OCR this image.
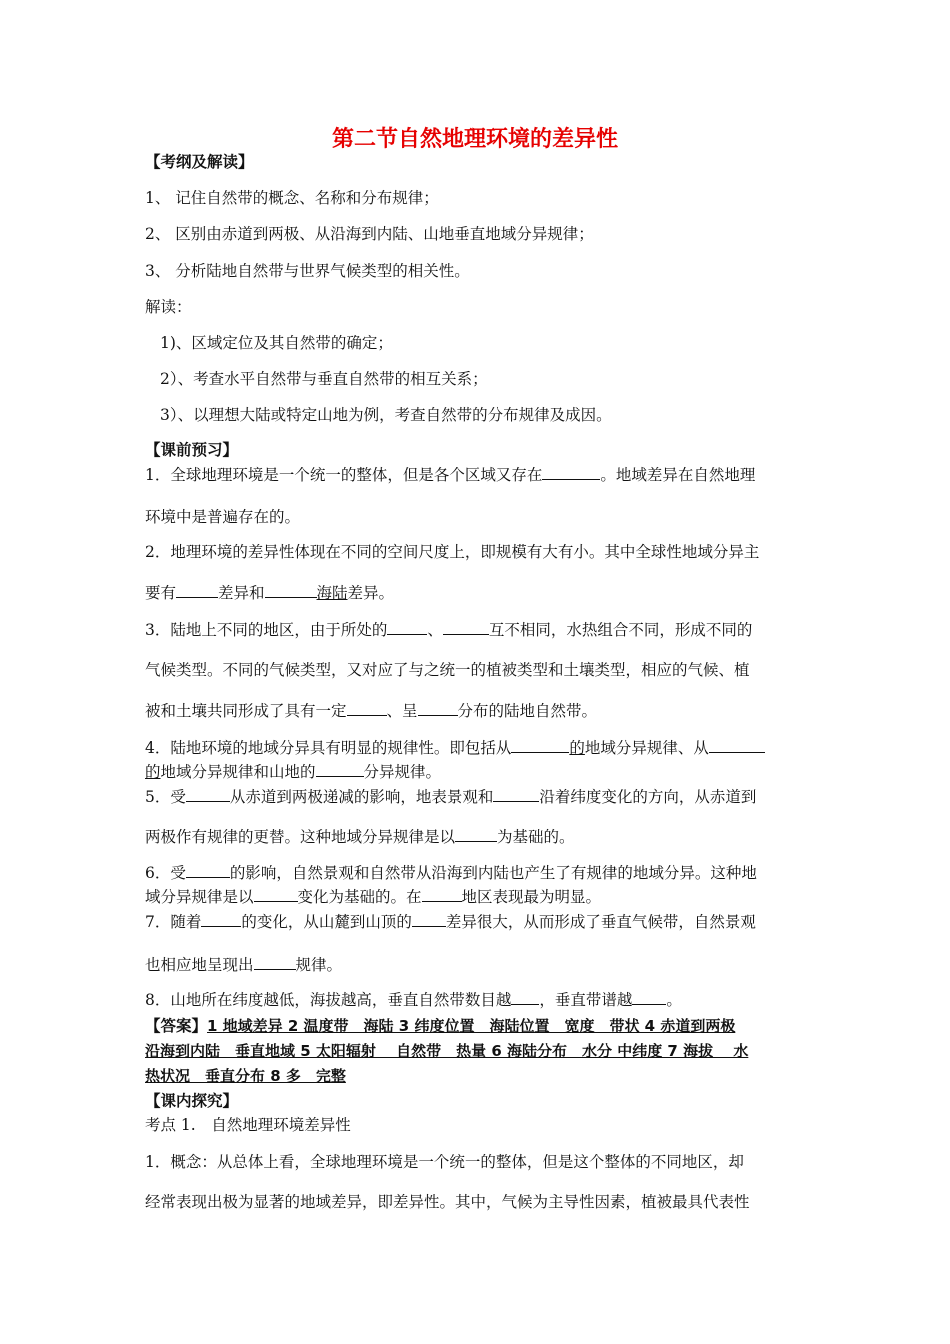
第二节自然地理环境的差异性
【考纲及解读】
1、 记住自然带的概念、名称和分布规律；
2、 区别由赤道到两极、从沿海到内陆、山地垂直地域分异规律；
3、 分析陆地自然带与世界气候类型的相关性。
解读：
1)、区域定位及其自然带的确定；
2）、考查水平自然带与垂直自然带的相互关系；
3）、以理想大陆或特定山地为例，考查自然带的分布规律及成因。
【课前预习】
1．全球地理环境是一个统一的整体，但是各个区域又存在	。地域差异在自然地理
环境中是普遍存在的。
2．地理环境的差异性体现在不同的空间尺度上，即规模有大有小。其中全球性地域分异主
要有	差异和	海陆差异。
3．陆地上不同的地区，由于所处的	、	互不相同，水热组合不同，形成不同的
气候类型。不同的气候类型，又对应了与之统一的植被类型和土壤类型，相应的气候、植
被和土壤共同形成了具有一定	、呈	分布的陆地自然带。
4．陆地环境的地域分异具有明显的规律性。即包括从	的地域分异规律、从
的地域分异规律和山地的	分异规律。
5．受	从赤道到两极递减的影响，地表景观和	沿着纬度变化的方向，从赤道到
两极作有规律的更替。这种地域分异规律是以	为基础的。
6．受	的影响，自然景观和自然带从沿海到内陆也产生了有规律的地域分异。这种地
域分异规律是以	变化为基础的。在	地区表现最为明显。
7．随着	的变化，从山麓到山顶的 差异很大，从而形成了垂直气候带，自然景观
也相应地呈现出	规律。
8．山地所在纬度越低，海拔越高，垂直自然带数目越 ，垂直带谱越 。
【答案】1 地域差异 2 温度带　海陆 3 纬度位置　海陆位置　宽度　带状 4 赤道到两极
沿海到内陆　垂直地域 5 太阳辐射　 自然带　热量 6 海陆分布　水分 中纬度 7 海拔　 水
热状况　垂直分布 8 多　完整
【课内探究】
考点 1.　自然地理环境差异性
1．概念：从总体上看，全球地理环境是一个统一的整体，但是这个整体的不同地区，却
经常表现出极为显著的地域差异，即差异性。其中，气候为主导性因素，植被最具代表性
